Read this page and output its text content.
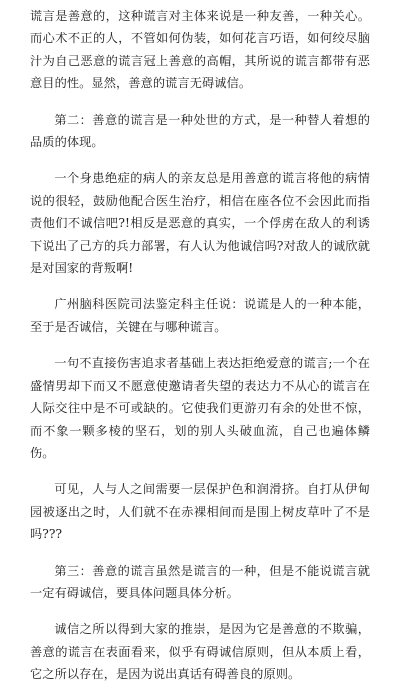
谎言是善意的，这种谎言对主体来说是一种友善，一种关心。而心术不正的人，不管如何伪装，如何花言巧语，如何绞尽脑汁为自己恶意的谎言冠上善意的高帽，其所说的谎言都带有恶意目的性。显然，善意的谎言无碍诚信。

第二：善意的谎言是一种处世的方式，是一种替人着想的品质的体现。

一个身患绝症的病人的亲友总是用善意的谎言将他的病情说的很轻，鼓励他配合医生治疗，相信在座各位不会因此而指责他们不诚信吧?!相反是恶意的真实，一个俘虏在敌人的利诱下说出了己方的兵力部署，有人认为他诚信吗?对敌人的诚欣就是对国家的背叛啊!

广州脑科医院司法鉴定科主任说：说谎是人的一种本能，至于是否诚信，关键在与哪种谎言。

一句不直接伤害追求者基础上表达拒绝爱意的谎言;一个在盛情男却下而又不愿意使邀请者失望的表达力不从心的谎言在人际交往中是不可或缺的。它使我们更游刃有余的处世不惊，而不象一颗多棱的坚石，划的别人头破血流，自己也遍体鳞伤。

可见，人与人之间需要一层保护色和润滑挤。自打从伊甸园被逐出之时，人们就不在赤裸相间而是围上树皮草叶了不是吗???

第三：善意的谎言虽然是谎言的一种，但是不能说谎言就一定有碍诚信，要具体问题具体分析。

诚信之所以得到大家的推崇，是因为它是善意的不欺骗，善意的谎言在表面看来，似乎有碍诚信原则，但从本质上看，它之所以存在，是因为说出真话有碍善良的原则。
